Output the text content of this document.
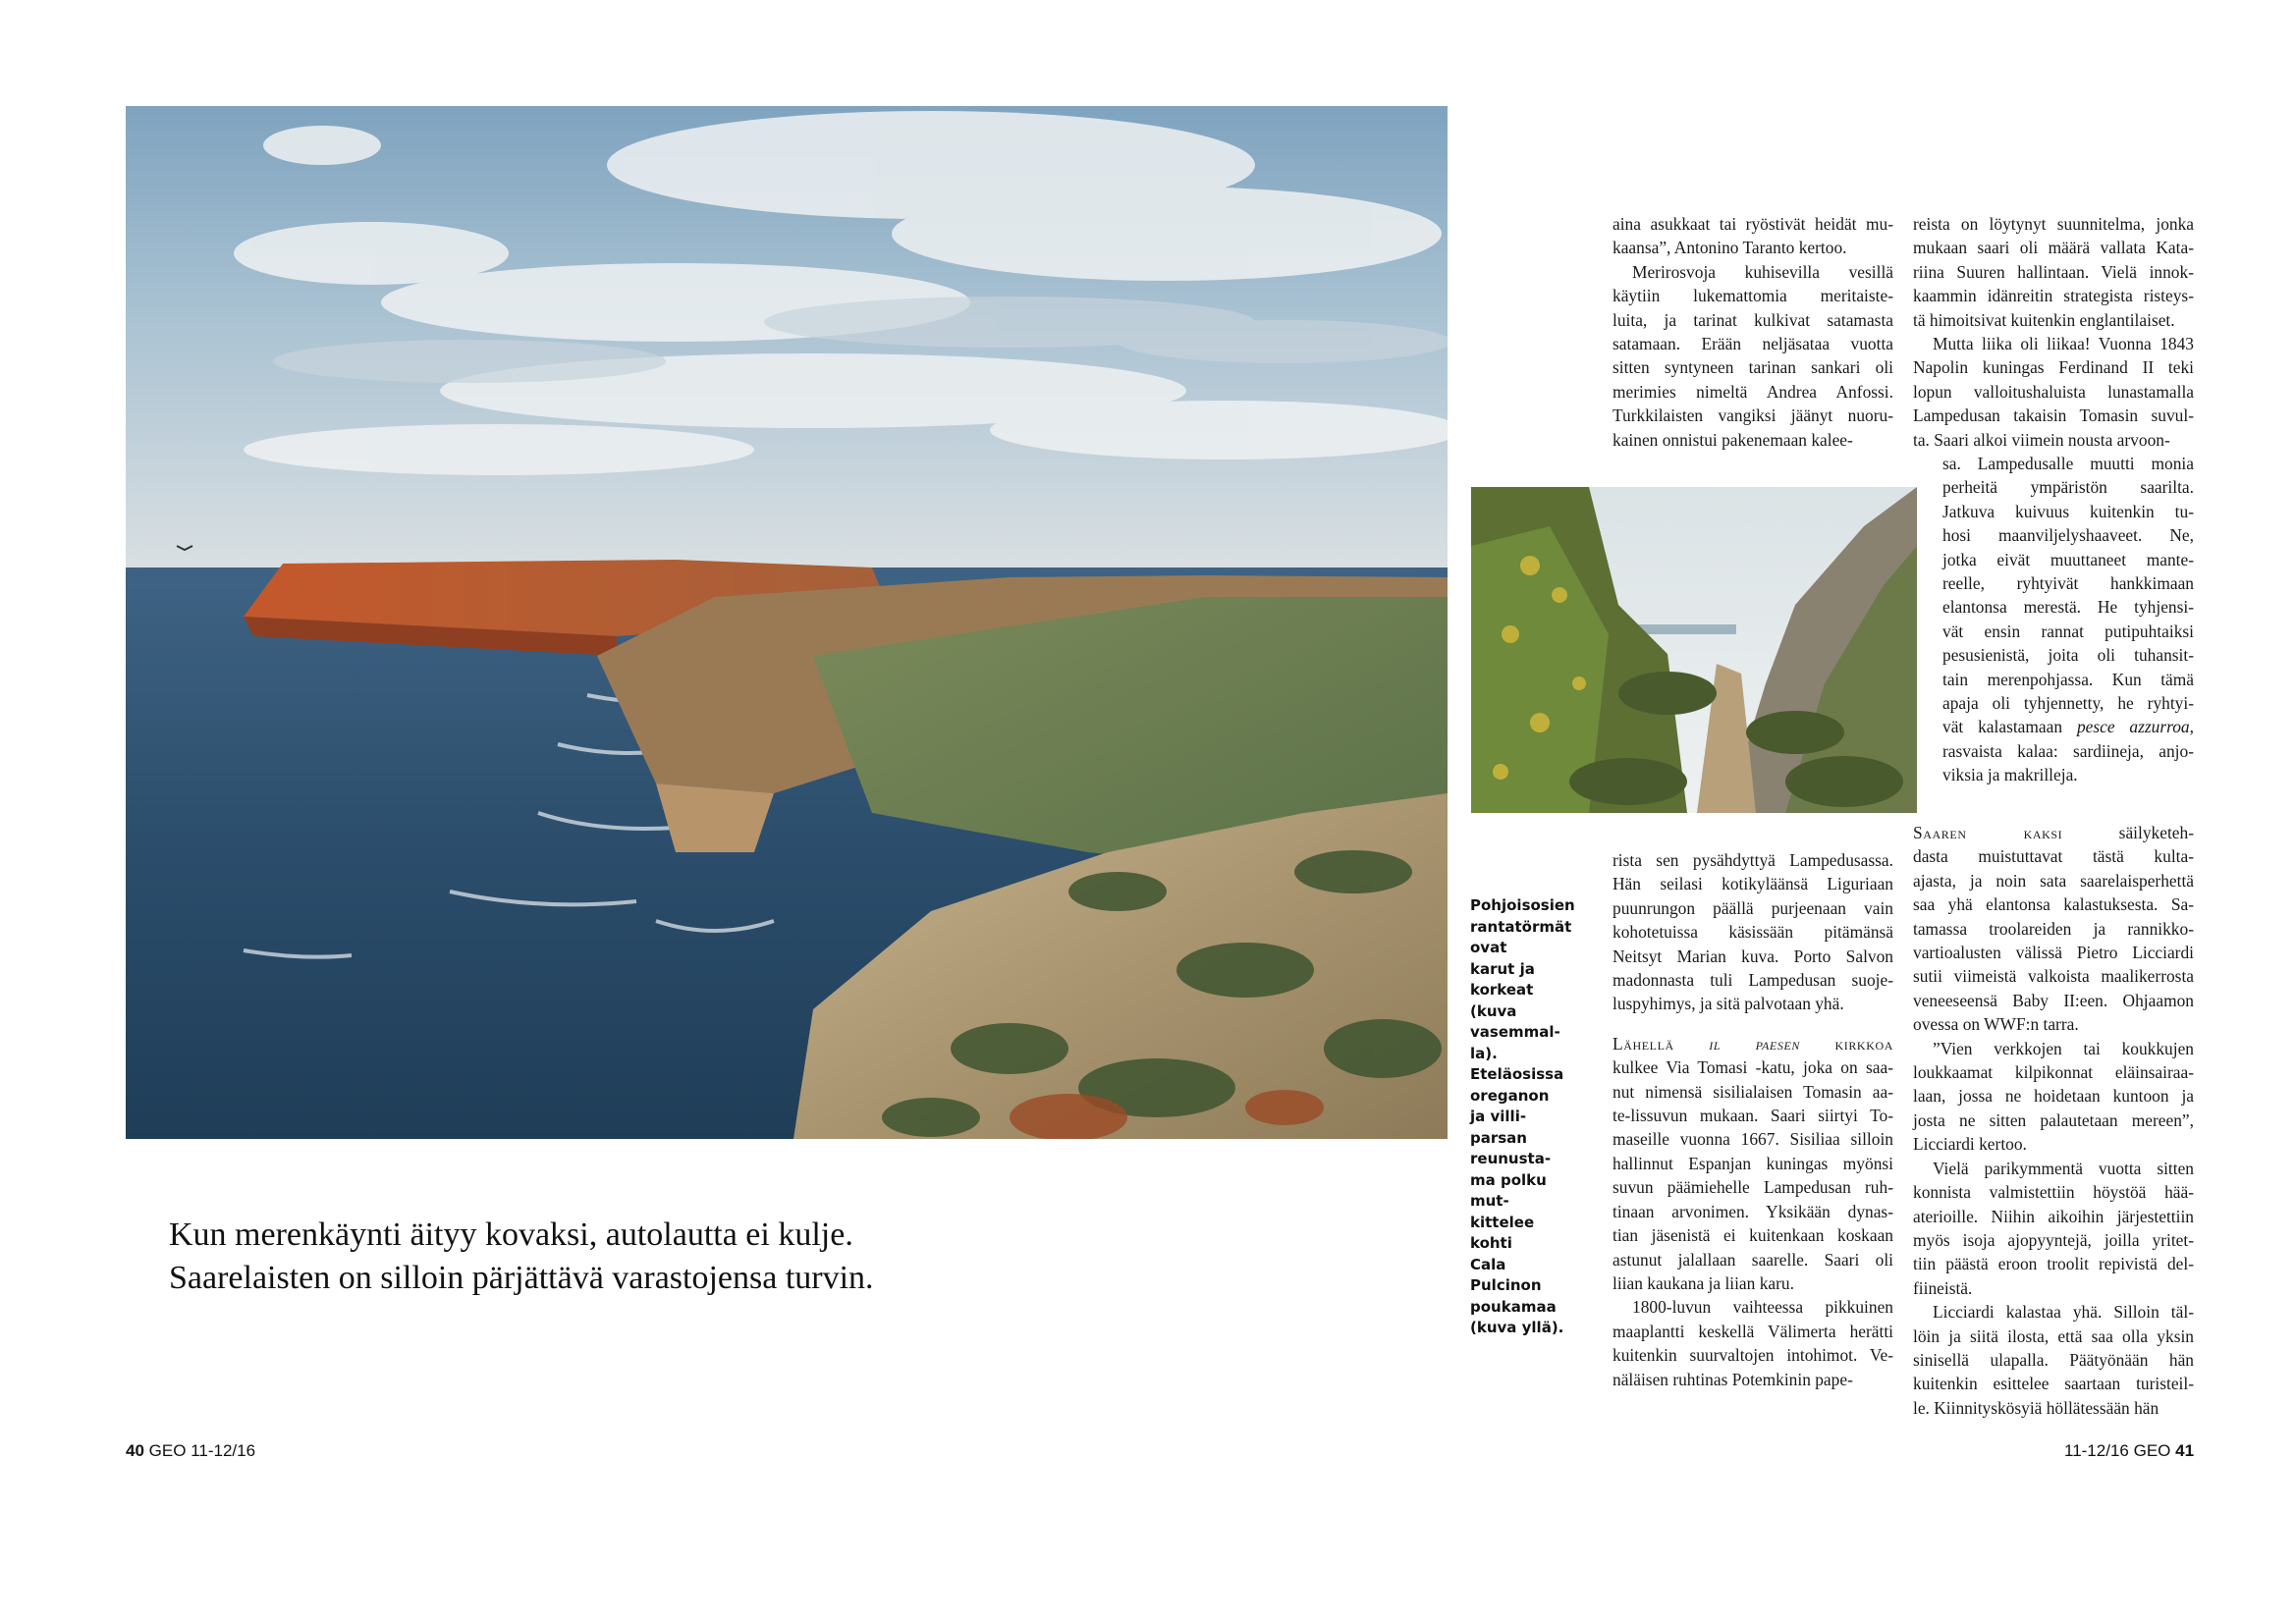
Pohjoisosien

rantatörmät ovat

karut ja korkeat

(kuva vasemmal-

la). Eteläosissa

oreganon ja villi-

parsan reunusta-

ma polku mut-

kittelee kohti

Cala Pulcinon

poukamaa

(kuva yllä).

Kun merenkäynti äityy kovaksi, autolautta ei kulje.

Saarelaisten on silloin pärjättävä varastojensa turvin.

aina asukkaat tai ryöstivät heidät mu-
kaansa”, Antonino Taranto kertoo.

Merirosvoja kuhisevilla vesillä
käytiin lukemattomia meritaiste-
luita, ja tarinat kulkivat satamasta
satamaan. Erään neljäsataa vuotta
sitten syntyneen tarinan sankari oli
merimies nimeltä Andrea Anfossi.
Turkkilaisten vangiksi jäänyt nuoru-
kainen onnistui pakenemaan kalee-

rista sen pysähdyttyä Lampedusassa.
Hän seilasi kotikyläänsä Liguriaan
puunrungon päällä purjeenaan vain
kohotetuissa käsissään pitämänsä
Neitsyt Marian kuva. Porto Salvon
madonnasta tuli Lampedusan suoje-
luspyhimys, ja sitä palvotaan yhä.

Lähellä il paesen kirkkoa
kulkee Via Tomasi -katu, joka on saa-
nut nimensä sisilialaisen Tomasin aa-
te-lissuvun mukaan. Saari siirtyi To-
maseille vuonna 1667. Sisiliaa silloin
hallinnut Espanjan kuningas myönsi
suvun päämiehelle Lampedusan ruh-
tinaan arvonimen. Yksikään dynas-
tian jäsenistä ei kuitenkaan koskaan
astunut jalallaan saarelle. Saari oli
liian kaukana ja liian karu.

1800-luvun vaihteessa pikkuinen
maaplantti keskellä Välimerta herätti
kuitenkin suurvaltojen intohimot. Ve-
näläisen ruhtinas Potemkinin pape-

reista on löytynyt suunnitelma, jonka
mukaan saari oli määrä vallata Kata-
riina Suuren hallintaan. Vielä innok-
kaammin idänreitin strategista risteys-
tä himoitsivat kuitenkin englantilaiset.

Mutta liika oli liikaa! Vuonna 1843
Napolin kuningas Ferdinand II teki
lopun valloitushaluista lunastamalla
Lampedusan takaisin Tomasin suvul-
ta. Saari alkoi viimein nousta arvoon-

sa. Lampedusalle muutti monia
perheitä ympäristön saarilta.
Jatkuva kuivuus kuitenkin tu-
hosi maanviljelyshaaveet. Ne,
jotka eivät muuttaneet mante-
reelle, ryhtyivät hankkimaan
elantonsa merestä. He tyhjensi-
vät ensin rannat putipuhtaiksi
pesusienistä, joita oli tuhansit-
tain merenpohjassa. Kun tämä
apaja oli tyhjennetty, he ryhtyi-
vät kalastamaan pesce azzurroa,
rasvaista kalaa: sardiineja, anjo-
viksia ja makrilleja.

Saaren kaksi säilyketeh-
dasta muistuttavat tästä kulta-
ajasta, ja noin sata saarelaisperhettä
saa yhä elantonsa kalastuksesta. Sa-
tamassa troolareiden ja rannikko-
vartioalusten välissä Pietro Licciardi
sutii viimeistä valkoista maalikerrosta
veneeseensä Baby II:een. Ohjaamon
ovessa on WWF:n tarra.

”Vien verkkojen tai koukkujen
loukkaamat kilpikonnat eläinsairaa-
laan, jossa ne hoidetaan kuntoon ja
josta ne sitten palautetaan mereen”,
Licciardi kertoo.

Vielä parikymmentä vuotta sitten
konnista valmistettiin höystöä hää-
aterioille. Niihin aikoihin järjestettiin
myös isoja ajopyyntejä, joilla yritet-
tiin päästä eroon troolit repivistä del-
fiineistä.

Licciardi kalastaa yhä. Silloin täl-
löin ja siitä ilosta, että saa olla yksin
sinisellä ulapalla. Päätyönään hän
kuitenkin esittelee saartaan turisteil-
le. Kiinnityskösyiä höllätessään hän

40 GEO 11-12/16	11-12/16 GEO 41
